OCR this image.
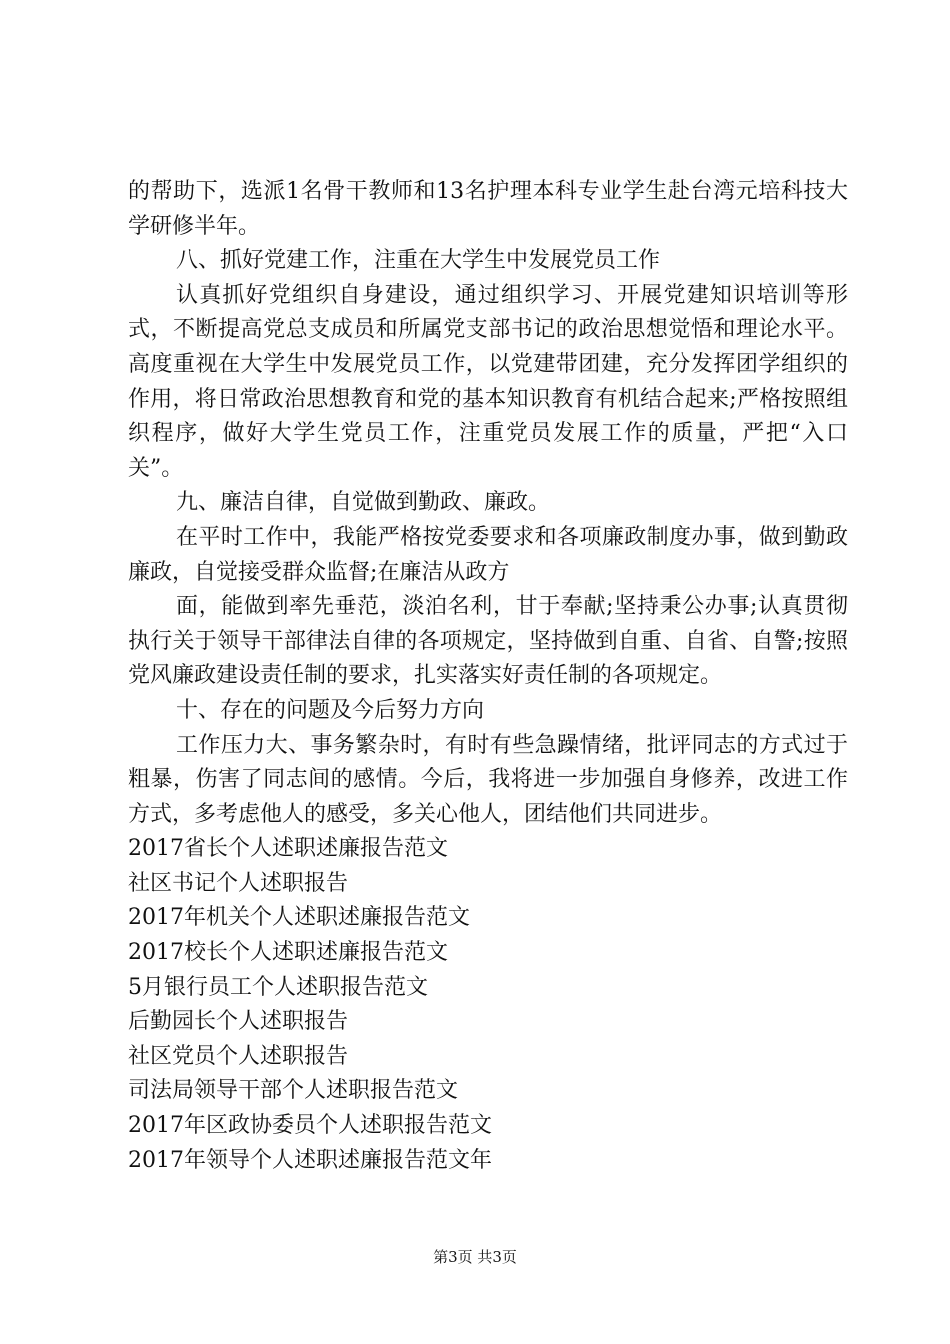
的帮助下，选派1名骨干教师和13名护理本科专业学生赴台湾元培科技大学研修半年。

八、抓好党建工作，注重在大学生中发展党员工作

认真抓好党组织自身建设，通过组织学习、开展党建知识培训等形式，不断提高党总支成员和所属党支部书记的政治思想觉悟和理论水平。高度重视在大学生中发展党员工作，以党建带团建，充分发挥团学组织的作用，将日常政治思想教育和党的基本知识教育有机结合起来;严格按照组织程序，做好大学生党员工作，注重党员发展工作的质量，严把“入口关”。

九、廉洁自律，自觉做到勤政、廉政。

在平时工作中，我能严格按党委要求和各项廉政制度办事，做到勤政廉政，自觉接受群众监督;在廉洁从政方

面，能做到率先垂范，淡泊名利，甘于奉献;坚持秉公办事;认真贯彻执行关于领导干部律法自律的各项规定，坚持做到自重、自省、自警;按照党风廉政建设责任制的要求，扎实落实好责任制的各项规定。

十、存在的问题及今后努力方向

工作压力大、事务繁杂时，有时有些急躁情绪，批评同志的方式过于粗暴，伤害了同志间的感情。今后，我将进一步加强自身修养，改进工作方式，多考虑他人的感受，多关心他人，团结他们共同进步。

2017省长个人述职述廉报告范文

社区书记个人述职报告

2017年机关个人述职述廉报告范文

2017校长个人述职述廉报告范文

5月银行员工个人述职报告范文

后勤园长个人述职报告

社区党员个人述职报告

司法局领导干部个人述职报告范文

2017年区政协委员个人述职报告范文

2017年领导个人述职述廉报告范文年

第3页 共3页
